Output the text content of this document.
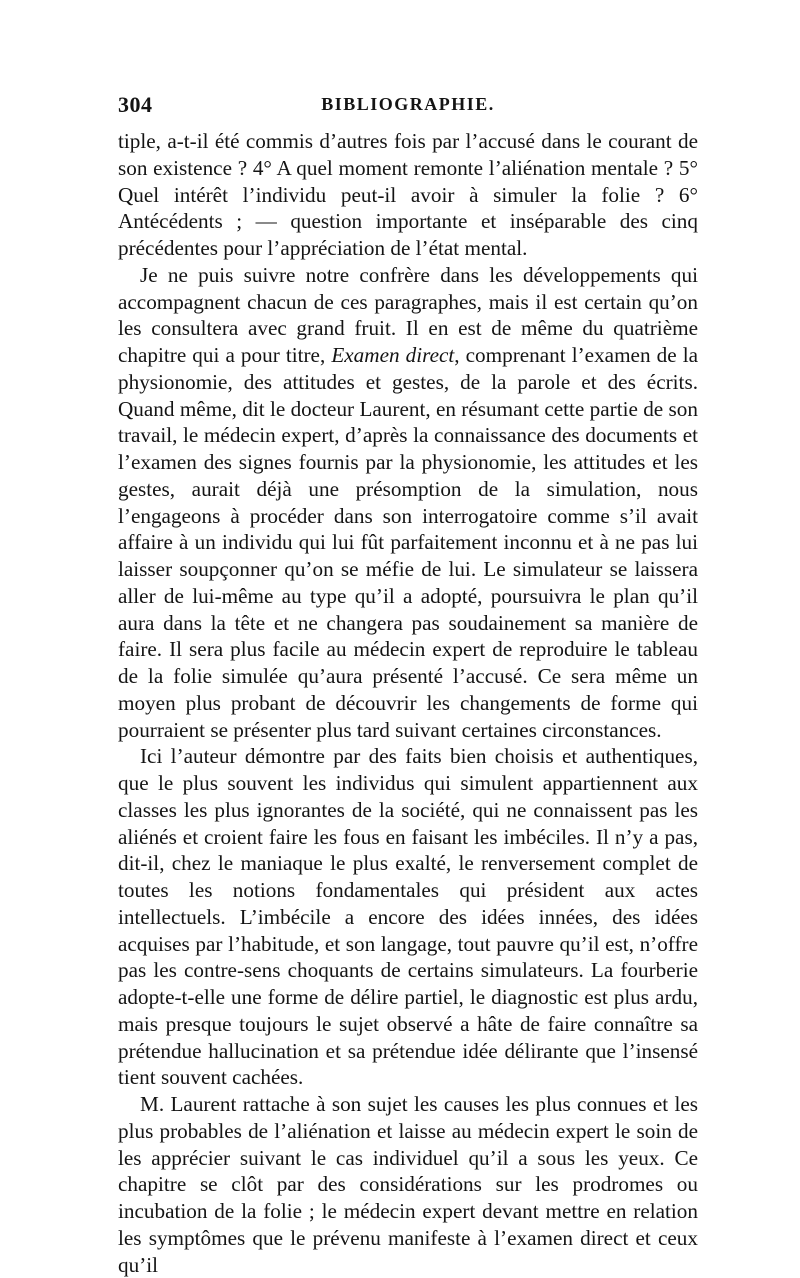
304	BIBLIOGRAPHIE.

tiple, a-t-il été commis d’autres fois par l’accusé dans le courant de son existence ? 4° A quel moment remonte l’aliénation mentale ? 5° Quel intérêt l’individu peut-il avoir à simuler la folie ? 6° Antécédents ; — question importante et inséparable des cinq précédentes pour l’appréciation de l’état mental.

Je ne puis suivre notre confrère dans les développements qui accompagnent chacun de ces paragraphes, mais il est certain qu’on les consultera avec grand fruit. Il en est de même du quatrième chapitre qui a pour titre, Examen direct, comprenant l’examen de la physionomie, des attitudes et gestes, de la parole et des écrits. Quand même, dit le docteur Laurent, en résumant cette partie de son travail, le médecin expert, d’après la connaissance des documents et l’examen des signes fournis par la physionomie, les attitudes et les gestes, aurait déjà une présomption de la simulation, nous l’engageons à procéder dans son interrogatoire comme s’il avait affaire à un individu qui lui fût parfaitement inconnu et à ne pas lui laisser soupçonner qu’on se méfie de lui. Le simulateur se laissera aller de lui-même au type qu’il a adopté, poursuivra le plan qu’il aura dans la tête et ne changera pas soudainement sa manière de faire. Il sera plus facile au médecin expert de reproduire le tableau de la folie simulée qu’aura présenté l’accusé. Ce sera même un moyen plus probant de découvrir les changements de forme qui pourraient se présenter plus tard suivant certaines circonstances.

Ici l’auteur démontre par des faits bien choisis et authentiques, que le plus souvent les individus qui simulent appartiennent aux classes les plus ignorantes de la société, qui ne connaissent pas les aliénés et croient faire les fous en faisant les imbéciles. Il n’y a pas, dit-il, chez le maniaque le plus exalté, le renversement complet de toutes les notions fondamentales qui président aux actes intellectuels. L’imbécile a encore des idées innées, des idées acquises par l’habitude, et son langage, tout pauvre qu’il est, n’offre pas les contre-sens choquants de certains simulateurs. La fourberie adopte-t-elle une forme de délire partiel, le diagnostic est plus ardu, mais presque toujours le sujet observé a hâte de faire connaître sa prétendue hallucination et sa prétendue idée délirante que l’insensé tient souvent cachées.

M. Laurent rattache à son sujet les causes les plus connues et les plus probables de l’aliénation et laisse au médecin expert le soin de les apprécier suivant le cas individuel qu’il a sous les yeux. Ce chapitre se clôt par des considérations sur les prodromes ou incubation de la folie ; le médecin expert devant mettre en relation les symptômes que le prévenu manifeste à l’examen direct et ceux qu’il
